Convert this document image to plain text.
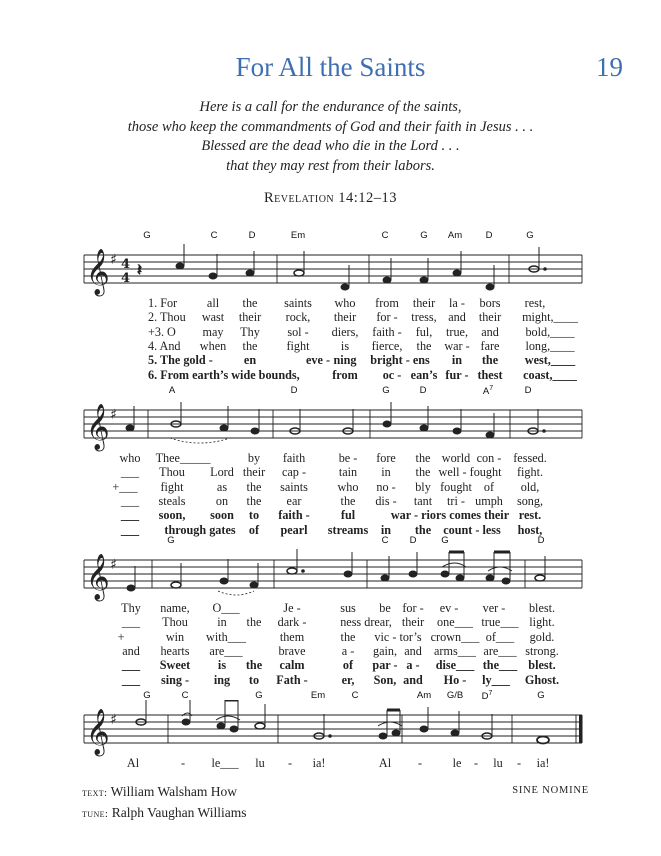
For All the Saints	19
Here is a call for the endurance of the saints,
those who keep the commandments of God and their faith in Jesus . . .
Blessed are the dead who die in the Lord . . .
that they may rest from their labors.
Revelation 14:12–13
𝄞 ♯ 4
4 𝄽
G	C	D	Em	C	G Am D	G
1. For all the saints who from their la - bors rest,
2. Thou wast their rock, their for - tress, and their might,____
+3. O may Thy sol - diers, faith - ful, true, and bold,____
4. And when the fight	is fierce, the war - fare long,____
5. The gold -	en	eve - ning bright - ens in the west,____
6. From earth’s wide bounds,	from oc - ean’s fur - thest coast,____
𝄞 ♯
A	D	G	D	$A^7$	D
who Thee_____	by faith	be - fore the world con - fessed.
___ Thou Lord their cap -	tain in the well - fought fight.
+___ fight	as the saints who no - bly fought of old,
___ steals on the ear	the dis - tant tri - umph song,
___ soon, soon to faith -	ful	war - riors comes their rest.
___ through gates of pearl streams in the count - less host,
𝄞 ♯
G	C D	G	D
Thy name, O___	Je -	sus be for - ev - ver - blest.
___ Thou in the dark -	ness drear, their one___ true___ light.
+	win with___	them	the vic - tor’s crown___ of___ gold.
and hearts are___	brave	a - gain, and arms___ are___ strong.
___ Sweet is the calm	of par - a - dise___ the___ blest.
___ sing - ing to Fath -	er, Son, and Ho - ly___ Ghost.
𝄞 ♯
G	C	G	Em	C	Am G/B $D^7$	G
Al	- le___ lu - ia!	Al -	le - lu - ia!
text: William Walsham How
tune: Ralph Vaughan Williams
SINE NOMINE
